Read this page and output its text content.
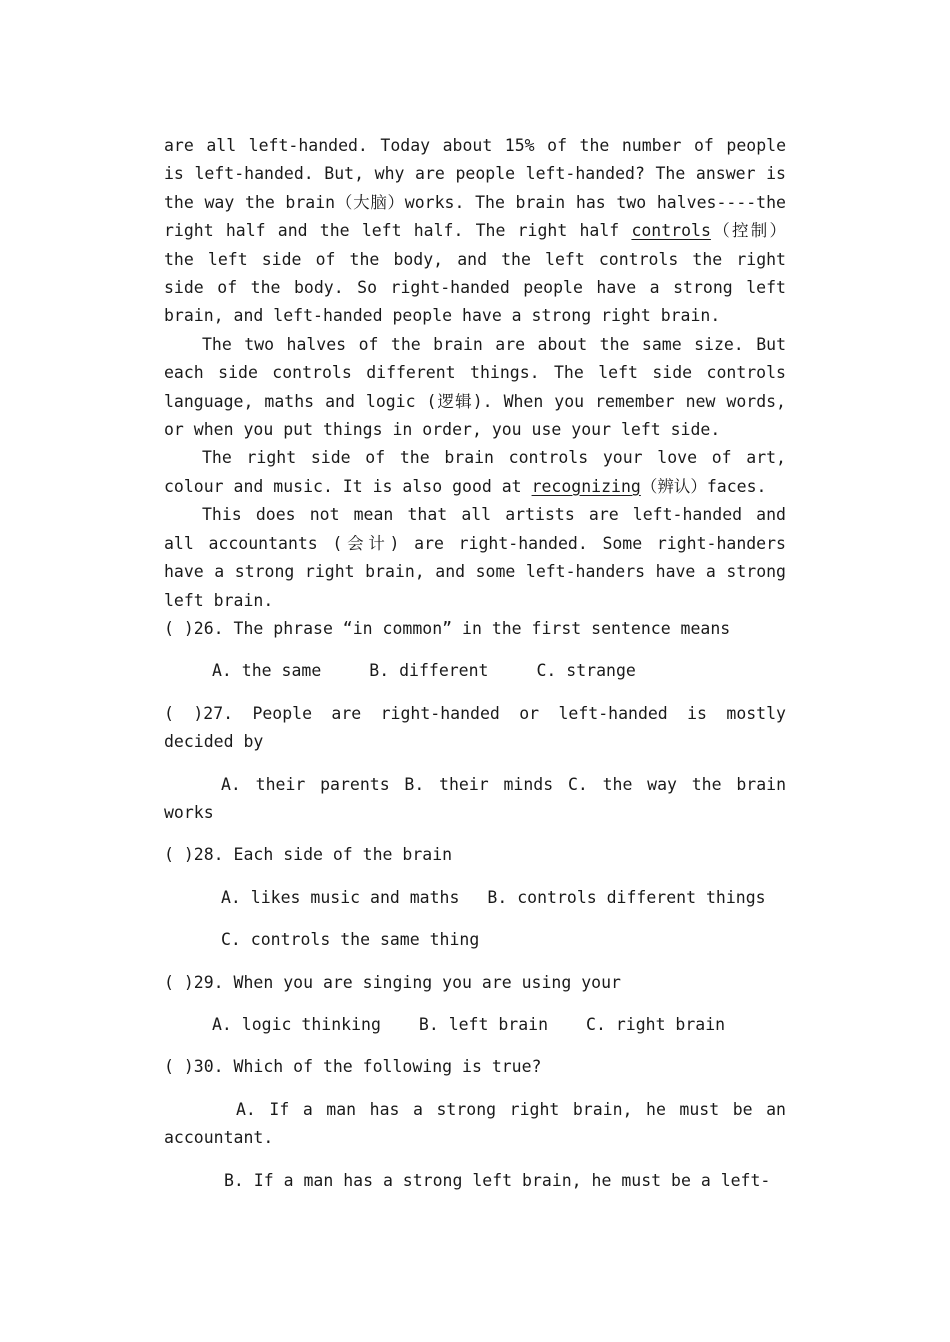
are all left-handed. Today about 15% of the number of people is left-handed. But, why are people left-handed? The answer is the way the brain（大脑）works. The brain has two halves----the right half and the left half. The right half controls（控制）the left side of the body, and the left controls the right side of the body. So right-handed people have a strong left brain, and left-handed people have a strong right brain.

The two halves of the brain are about the same size. But each side controls different things. The left side controls language, maths and logic (逻辑). When you remember new words, or when you put things in order, you use your left side.

The right side of the brain controls your love of art, colour and music. It is also good at recognizing（辨认）faces.

This does not mean that all artists are left-handed and all accountants (会计) are right-handed. Some right-handers have a strong right brain, and some left-handers have a strong left brain.

( )26. The phrase “in common” in the first sentence means

A. the same	B. different	C. strange

( )27. People are right-handed or left-handed is mostly decided by

A. their parents B. their minds C. the way the brain works

( )28. Each side of the brain

A. likes music and maths B. controls different things

C. controls the same thing

( )29. When you are singing you are using your

A. logic thinking B. left brain C. right brain

( )30. Which of the following is true?

A. If a man has a strong right brain, he must be an accountant.

B. If a man has a strong left brain, he must be a left-
